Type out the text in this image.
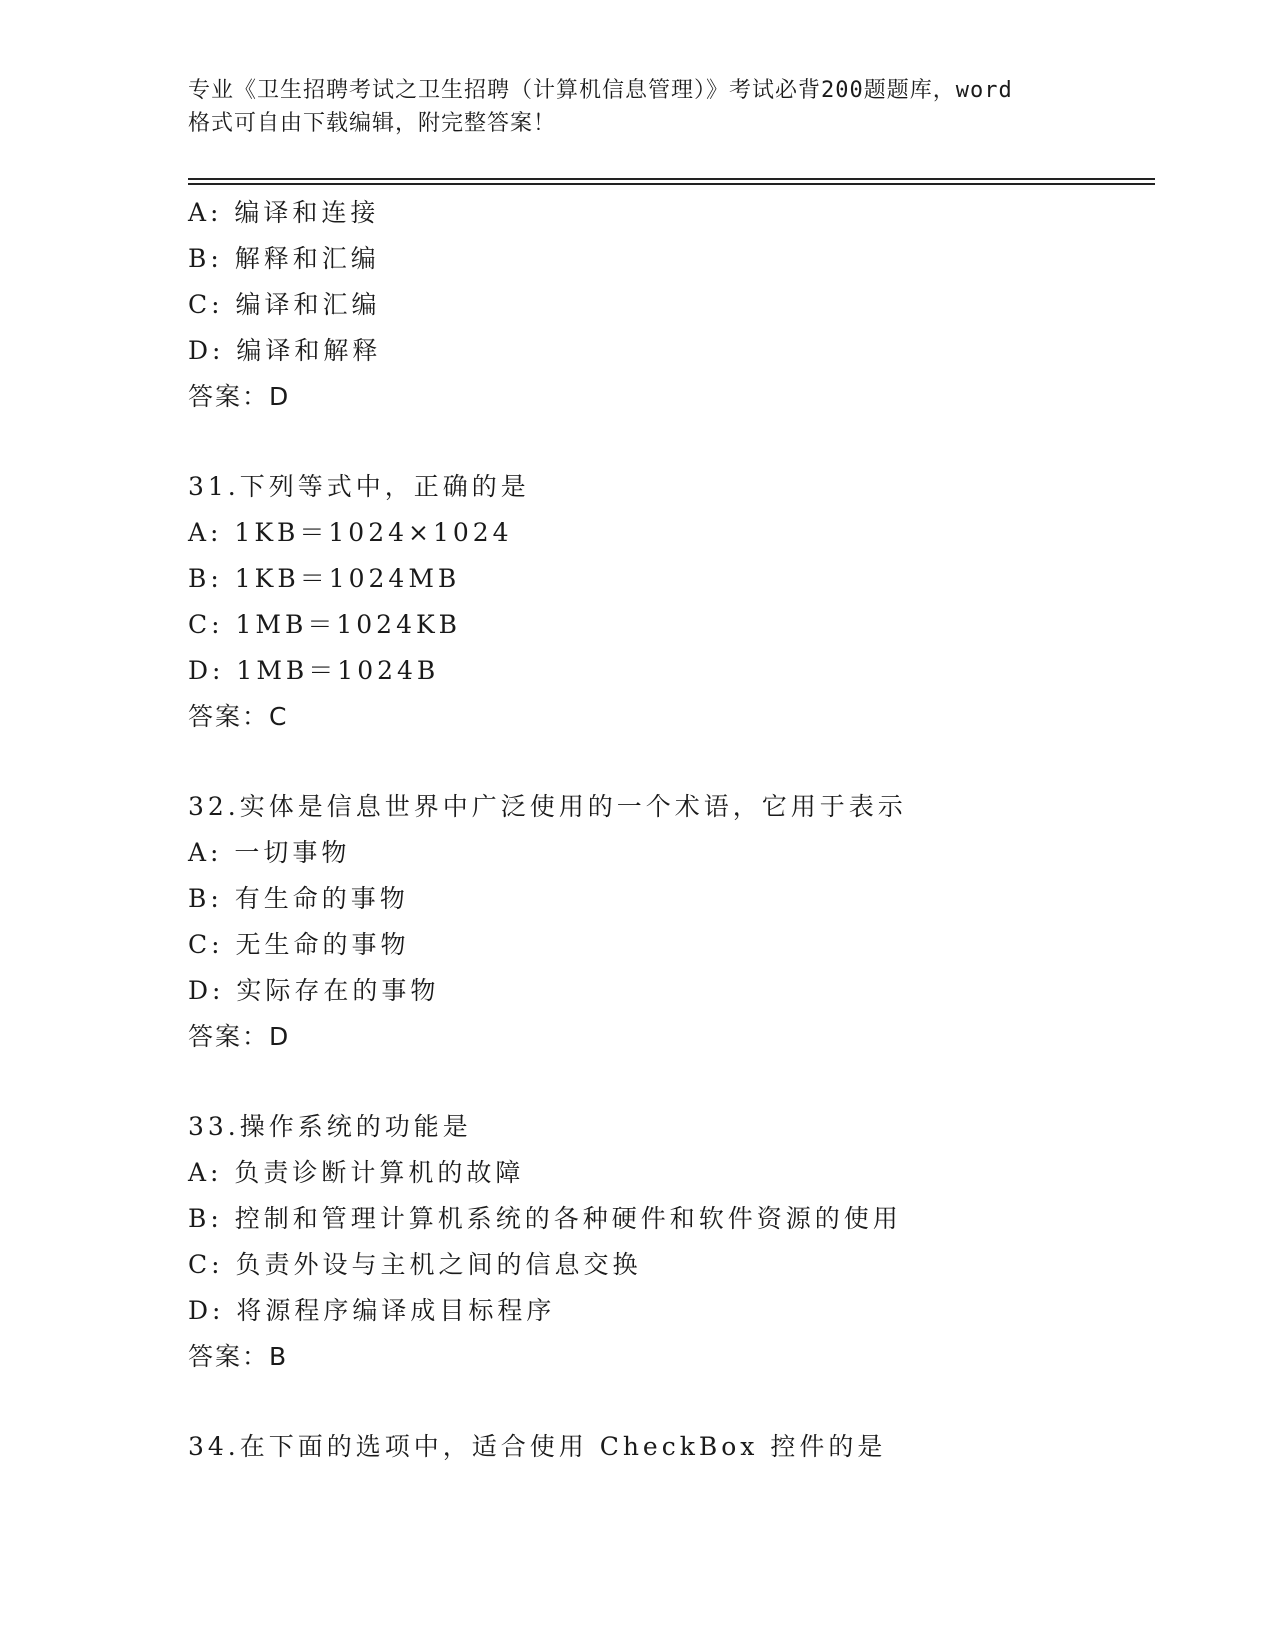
专业《卫生招聘考试之卫生招聘（计算机信息管理）》考试必背200题题库，word
格式可自由下载编辑，附完整答案！
A: 编译和连接
B: 解释和汇编
C: 编译和汇编
D: 编译和解释
答案：D
31.下列等式中，正确的是
A: 1KB＝1024×1024
B: 1KB＝1024MB
C: 1MB＝1024KB
D: 1MB＝1024B
答案：C
32.实体是信息世界中广泛使用的一个术语，它用于表示
A: 一切事物
B: 有生命的事物
C: 无生命的事物
D: 实际存在的事物
答案：D
33.操作系统的功能是
A: 负责诊断计算机的故障
B: 控制和管理计算机系统的各种硬件和软件资源的使用
C: 负责外设与主机之间的信息交换
D: 将源程序编译成目标程序
答案：B
34.在下面的选项中，适合使用 CheckBox 控件的是
